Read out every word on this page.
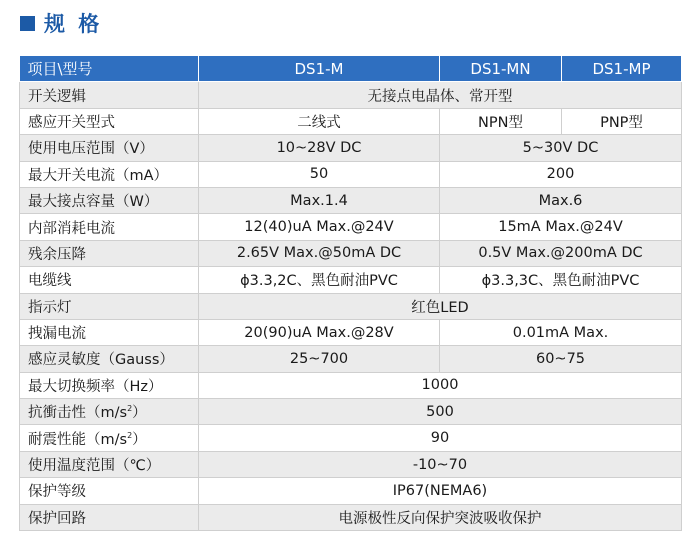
规 格
项目\型号	DS1-M	DS1-MN	DS1-MP
开关逻辑	无接点电晶体、常开型		
感应开关型式	二线式	NPN型	PNP型
使用电压范围（V）	10~28V DC	5~30V DC	
最大开关电流（mA）	50	200	
最大接点容量（W）	Max.1.4	Max.6	
内部消耗电流	12(40)uA Max.@24V	15mA Max.@24V	
残余压降	2.65V Max.@50mA DC	0.5V Max.@200mA DC	
电缆线	ϕ3.3,2C、黑色耐油PVC	ϕ3.3,3C、黑色耐油PVC	
指示灯	红色LED		
拽漏电流	20(90)uA Max.@28V	0.01mA Max.	
感应灵敏度（Gauss）	25~700	60~75	
最大切换频率（Hz）	1000		
抗衝击性$(m/s^2)$	500		
耐震性能$(m/s^2)$	90		
使用温度范围（℃）	-10~70		
保护等级	IP67(NEMA6)		
保护回路	电源极性反向保护突波吸收保护		
